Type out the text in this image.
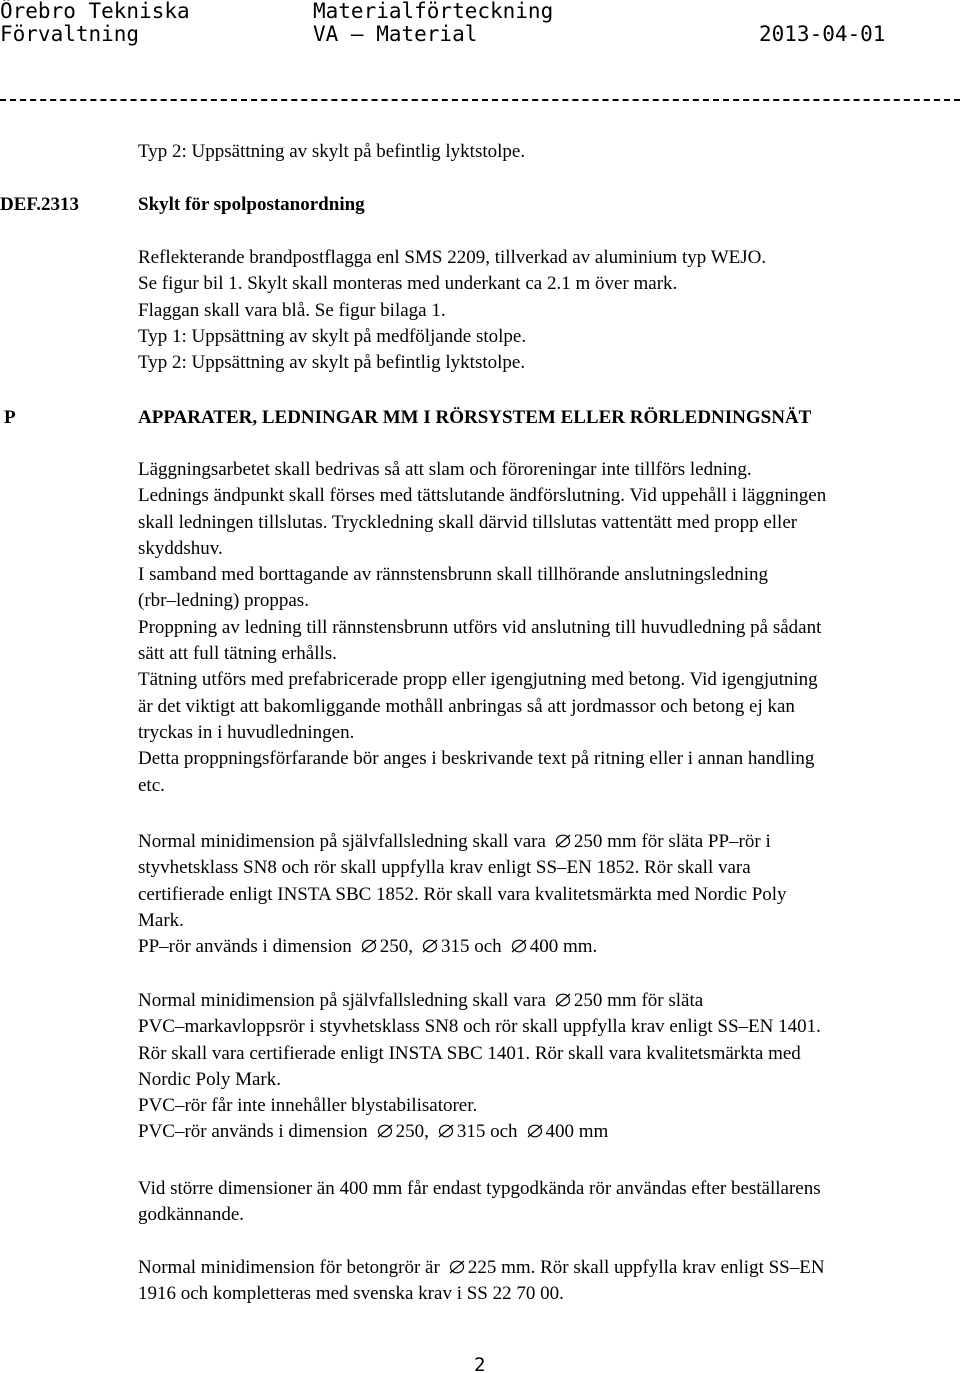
Örebro Tekniska

Förvaltning

Materialförteckning

VA – Material

	2013-04-01

Typ 2: Uppsättning av skylt på befintlig lyktstolpe.
DEF.2313	Skylt för spolpostanordning
Reflekterande brandpostflagga enl SMS 2209, tillverkad av aluminium typ WEJO.
Se figur bil 1. Skylt skall monteras med underkant ca 2.1 m över mark.
Flaggan skall vara blå. Se figur bilaga 1.
Typ 1: Uppsättning av skylt på medföljande stolpe.
Typ 2: Uppsättning av skylt på befintlig lyktstolpe.
P	APPARATER, LEDNINGAR MM I RÖRSYSTEM ELLER RÖRLEDNINGSNÄT
Läggningsarbetet skall bedrivas så att slam och föroreningar inte tillförs ledning.
Lednings ändpunkt skall förses med tättslutande ändförslutning. Vid uppehåll i läggningen
skall ledningen tillslutas. Tryckledning skall därvid tillslutas vattentätt med propp eller
skyddshuv.
I samband med borttagande av rännstensbrunn skall tillhörande anslutningsledning
(rbr–ledning) proppas.
Proppning av ledning till rännstensbrunn utförs vid anslutning till huvudledning på sådant
sätt att full tätning erhålls.
Tätning utförs med prefabricerade propp eller igengjutning med betong. Vid igengjutning
är det viktigt att bakomliggande mothåll anbringas så att jordmassor och betong ej kan
tryckas in i huvudledningen.
Detta proppningsförfarande bör anges i beskrivande text på ritning eller i annan handling
etc.
Normal minidimension på självfallsledning skall vara 250 mm för släta PP–rör i
styvhetsklass SN8 och rör skall uppfylla krav enligt SS–EN 1852. Rör skall vara
certifierade enligt INSTA SBC 1852. Rör skall vara kvalitetsmärkta med Nordic Poly
Mark.
PP–rör används i dimension 250, 315 och 400 mm.
Normal minidimension på självfallsledning skall vara 250 mm för släta
PVC–markavloppsrör i styvhetsklass SN8 och rör skall uppfylla krav enligt SS–EN 1401.
Rör skall vara certifierade enligt INSTA SBC 1401. Rör skall vara kvalitetsmärkta med
Nordic Poly Mark.
PVC–rör får inte innehåller blystabilisatorer.
PVC–rör används i dimension 250, 315 och 400 mm
Vid större dimensioner än 400 mm får endast typgodkända rör användas efter beställarens
godkännande.
Normal minidimension för betongrör är 225 mm. Rör skall uppfylla krav enligt SS–EN
1916 och kompletteras med svenska krav i SS 22 70 00.
2
